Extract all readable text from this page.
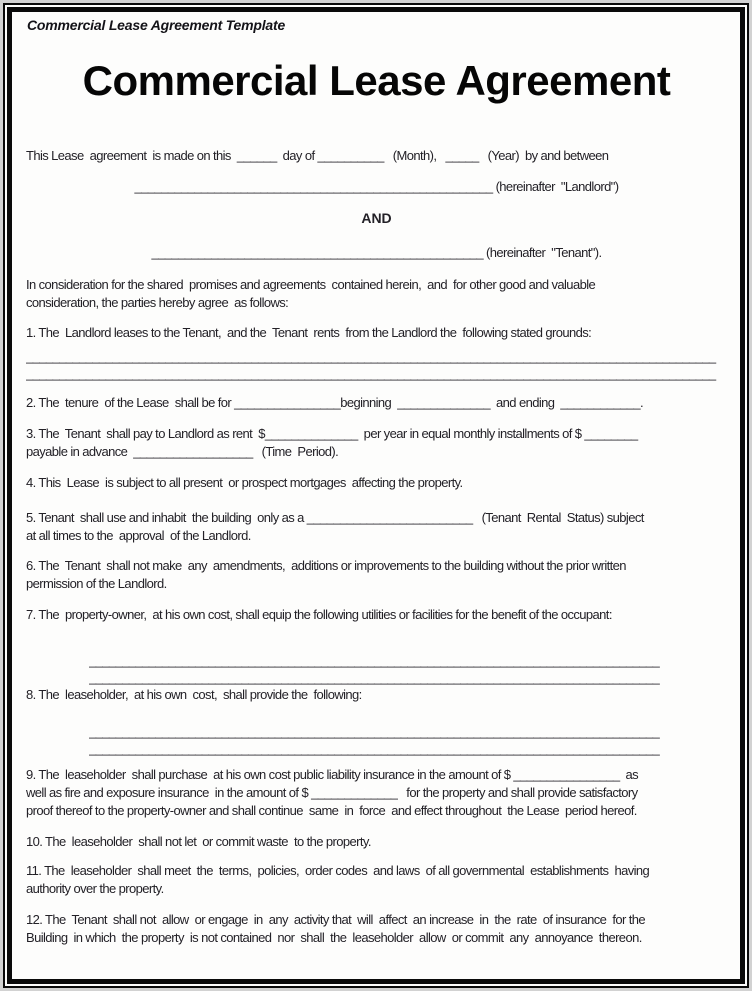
Commercial Lease Agreement Template
Commercial Lease Agreement
This Lease  agreement  is made on this  ______  day of __________   (Month),   _____   (Year)  by and between
______________________________________________________ (hereinafter  "Landlord")
AND
__________________________________________________ (hereinafter  "Tenant").
In consideration for the shared  promises and agreements  contained herein,  and  for other good and valuable
consideration, the parties hereby agree  as follows:
1. The  Landlord leases to the Tenant,  and the  Tenant  rents  from the Landlord the  following stated grounds:
________________________________________________________________________________________________________
________________________________________________________________________________________________________
2. The  tenure  of the Lease  shall be for ________________beginning  ______________  and ending  ____________.
3. The  Tenant  shall pay to Landlord as rent  $______________  per year in equal monthly installments of $ ________
payable in advance  __________________   (Time  Period).
4. This  Lease  is subject to all present  or prospect mortgages  affecting the property.
5. Tenant  shall use and inhabit  the building  only as a _________________________   (Tenant  Rental  Status) subject
at all times to the  approval  of the Landlord.
6. The  Tenant  shall not make  any  amendments,  additions or improvements to the building without the prior written
permission of the Landlord.
7. The  property-owner,  at his own cost, shall equip the following utilities or facilities for the benefit of the occupant:
______________________________________________________________________________________
______________________________________________________________________________________
8. The  leaseholder,  at his own  cost,  shall provide the  following:
______________________________________________________________________________________
______________________________________________________________________________________
9. The  leaseholder  shall purchase  at his own cost public liability insurance in the amount of $ ________________  as
well as fire and exposure insurance  in the amount of $ _____________   for the property and shall provide satisfactory
proof thereof to the property-owner and shall continue  same  in  force  and effect throughout  the Lease  period hereof.
10. The  leaseholder  shall not let  or commit waste  to the property.
11. The  leaseholder  shall meet  the  terms,  policies,  order codes  and laws  of all governmental  establishments  having
authority over the property.
12. The  Tenant  shall not  allow  or engage  in  any  activity that  will  affect  an increase  in  the  rate  of insurance  for the
Building  in which  the property  is not contained  nor  shall  the  leaseholder  allow  or commit  any  annoyance  thereon.
